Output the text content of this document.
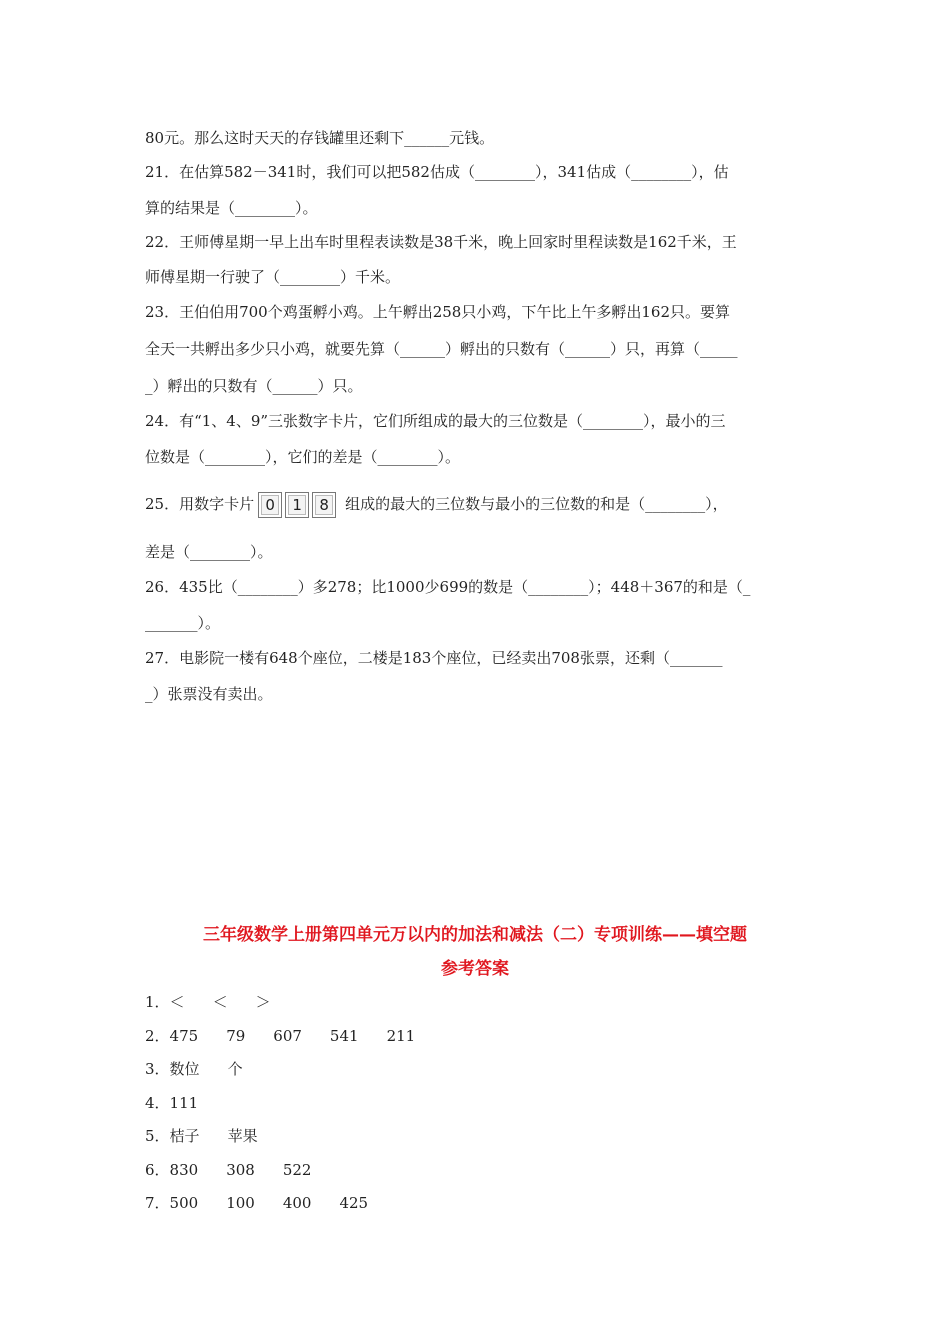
80元。那么这时天天的存钱罐里还剩下______元钱。
21．在估算582－341时，我们可以把582估成（________），341估成（________），估
算的结果是（________）。
22．王师傅星期一早上出车时里程表读数是38千米，晚上回家时里程读数是162千米，王
师傅星期一行驶了（________）千米。
23．王伯伯用700个鸡蛋孵小鸡。上午孵出258只小鸡，下午比上午多孵出162只。要算
全天一共孵出多少只小鸡，就要先算（______）孵出的只数有（______）只，再算（_____
_）孵出的只数有（______）只。
24．有“1、4、9”三张数字卡片，它们所组成的最大的三位数是（________），最小的三
位数是（________），它们的差是（________）。
25．用数字卡片 0 1 8 组成的最大的三位数与最小的三位数的和是（________），
差是（________）。
26．435比（________）多278；比1000少699的数是（________）；448＋367的和是（_
_______）。
27．电影院一楼有648个座位，二楼是183个座位，已经卖出708张票，还剩（_______
_）张票没有卖出。
三年级数学上册第四单元万以内的加法和减法（二）专项训练——填空题
参考答案
1．＜ ＜ ＞
2．475 79 607 541 211
3．数位 个
4．111
5．桔子 苹果
6．830 308 522
7．500 100 400 425
